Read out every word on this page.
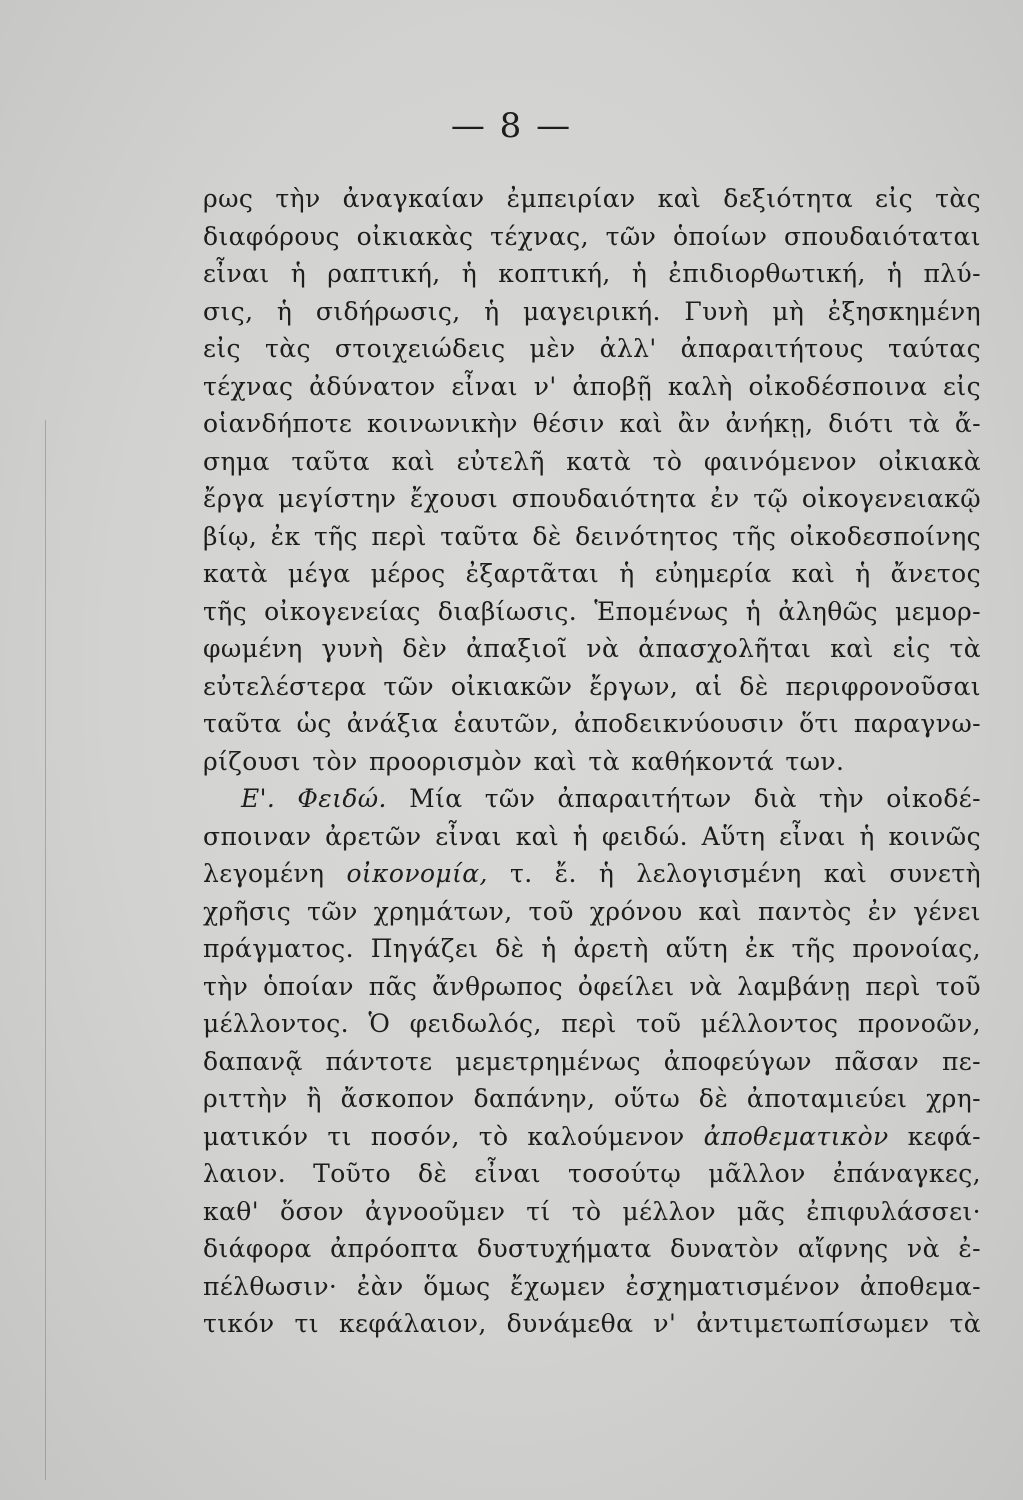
— 8 —
ρως τὴν ἀναγκαίαν ἐμπειρίαν καὶ δεξιότητα εἰς τὰς
διαφόρους οἰκιακὰς τέχνας, τῶν ὁποίων σπουδαιόταται
εἶναι ἡ ραπτική, ἡ κοπτική, ἡ ἐπιδιορθωτική, ἡ πλύ-
σις, ἡ σιδήρωσις, ἡ μαγειρική. Γυνὴ μὴ ἐξησκημένη
εἰς τὰς στοιχειώδεις μὲν ἀλλ' ἀπαραιτήτους ταύτας
τέχνας ἀδύνατον εἶναι ν' ἀποβῇ καλὴ οἰκοδέσποινα εἰς
οἱανδήποτε κοινωνικὴν θέσιν καὶ ἂν ἀνήκῃ, διότι τὰ ἄ-
σημα ταῦτα καὶ εὐτελῆ κατὰ τὸ φαινόμενον οἰκιακὰ
ἔργα μεγίστην ἔχουσι σπουδαιότητα ἐν τῷ οἰκογενειακῷ
βίῳ, ἐκ τῆς περὶ ταῦτα δὲ δεινότητος τῆς οἰκοδεσποίνης
κατὰ μέγα μέρος ἐξαρτᾶται ἡ εὐημερία καὶ ἡ ἄνετος
τῆς οἰκογενείας διαβίωσις. Ἑπομένως ἡ ἀληθῶς μεμορ-
φωμένη γυνὴ δὲν ἀπαξιοῖ νὰ ἀπασχολῆται καὶ εἰς τὰ
εὐτελέστερα τῶν οἰκιακῶν ἔργων, αἱ δὲ περιφρονοῦσαι
ταῦτα ὡς ἀνάξια ἑαυτῶν, ἀποδεικνύουσιν ὅτι παραγνω-
ρίζουσι τὸν προορισμὸν καὶ τὰ καθήκοντά των.
Ε'. Φειδώ. Μία τῶν ἀπαραιτήτων διὰ τὴν οἰκοδέ-
σποιναν ἀρετῶν εἶναι καὶ ἡ φειδώ. Αὕτη εἶναι ἡ κοινῶς
λεγομένη οἰκονομία, τ. ἔ. ἡ λελογισμένη καὶ συνετὴ
χρῆσις τῶν χρημάτων, τοῦ χρόνου καὶ παντὸς ἐν γένει
πράγματος. Πηγάζει δὲ ἡ ἀρετὴ αὕτη ἐκ τῆς προνοίας,
τὴν ὁποίαν πᾶς ἄνθρωπος ὀφείλει νὰ λαμβάνῃ περὶ τοῦ
μέλλοντος. Ὁ φειδωλός, περὶ τοῦ μέλλοντος προνοῶν,
δαπανᾷ πάντοτε μεμετρημένως ἀποφεύγων πᾶσαν πε-
ριττὴν ἢ ἄσκοπον δαπάνην, οὕτω δὲ ἀποταμιεύει χρη-
ματικόν τι ποσόν, τὸ καλούμενον ἀποθεματικὸν κεφά-
λαιον. Τοῦτο δὲ εἶναι τοσούτῳ μᾶλλον ἐπάναγκες,
καθ' ὅσον ἀγνοοῦμεν τί τὸ μέλλον μᾶς ἐπιφυλάσσει·
διάφορα ἀπρόοπτα δυστυχήματα δυνατὸν αἴφνης νὰ ἐ-
πέλθωσιν· ἐὰν ὅμως ἔχωμεν ἐσχηματισμένον ἀποθεμα-
τικόν τι κεφάλαιον, δυνάμεθα ν' ἀντιμετωπίσωμεν τὰ
